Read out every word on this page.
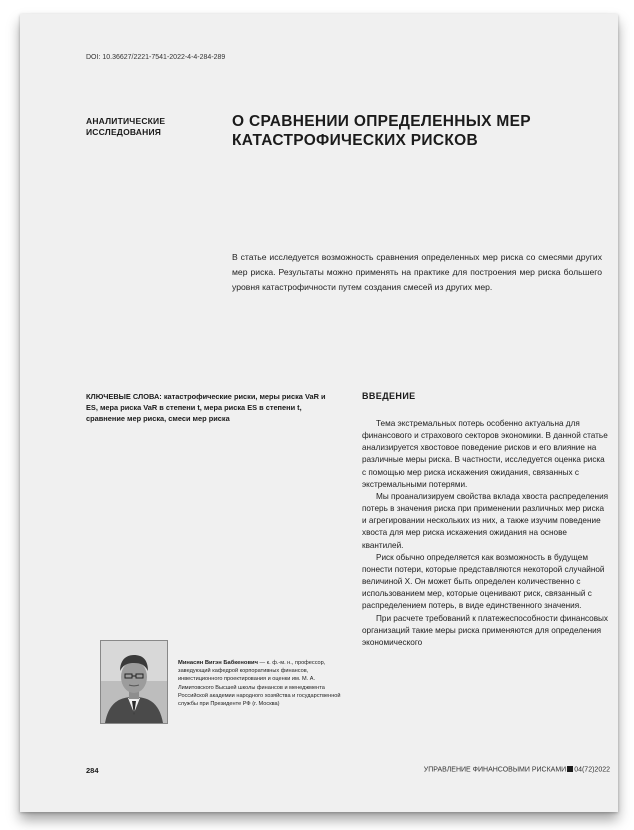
DOI: 10.36627/2221-7541-2022-4-4-284-289
АНАЛИТИЧЕСКИЕ
ИССЛЕДОВАНИЯ
О СРАВНЕНИИ ОПРЕДЕЛЕННЫХ МЕР
КАТАСТРОФИЧЕСКИХ РИСКОВ

В статье исследуется возможность сравнения определенных мер риска со смесями других мер риска. Результаты можно применять на практике для построения мер риска большего уровня катастрофичности путем создания смесей из других мер.

КЛЮЧЕВЫЕ СЛОВА: катастрофические риски, меры риска VaR и ES, мера риска VaR в степени t, мера риска ES в степени t, сравнение мер риска, смеси мер риска
ВВЕДЕНИЕ

Тема экстремальных потерь особенно актуальна для финансового и страхового секторов экономики. В данной статье анализируется хвостовое поведение рисков и его влияние на различные меры риска. В частности, исследуется оценка риска с помощью мер риска искажения ожидания, связанных с экстремальными потерями.

Мы проанализируем свойства вклада хвоста распределения потерь в значения риска при применении различных мер риска и агрегировании нескольких из них, а также изучим поведение хвоста для мер риска искажения ожидания на основе квантилей.

Риск обычно определяется как возможность в будущем понести потери, которые представляются некоторой случайной величиной X. Он может быть определен количественно с использованием мер, которые оценивают риск, связанный с распределением потерь, в виде единственного значения.

При расчете требований к платежеспособности финансовых организаций такие меры риска применяются для определения экономического

Минасян Вигэн Бабкенович — к. ф.-м. н., профессор, заведующий кафедрой корпоративных финансов, инвестиционного проектирования и оценки им. М. А. Лимитовского Высшей школы финансов и менеджмента Российской академии народного хозяйства и государственной службы при Президенте РФ (г. Москва)
284	УПРАВЛЕНИЕ ФИНАНСОВЫМИ РИСКАМИ 04(72)2022
